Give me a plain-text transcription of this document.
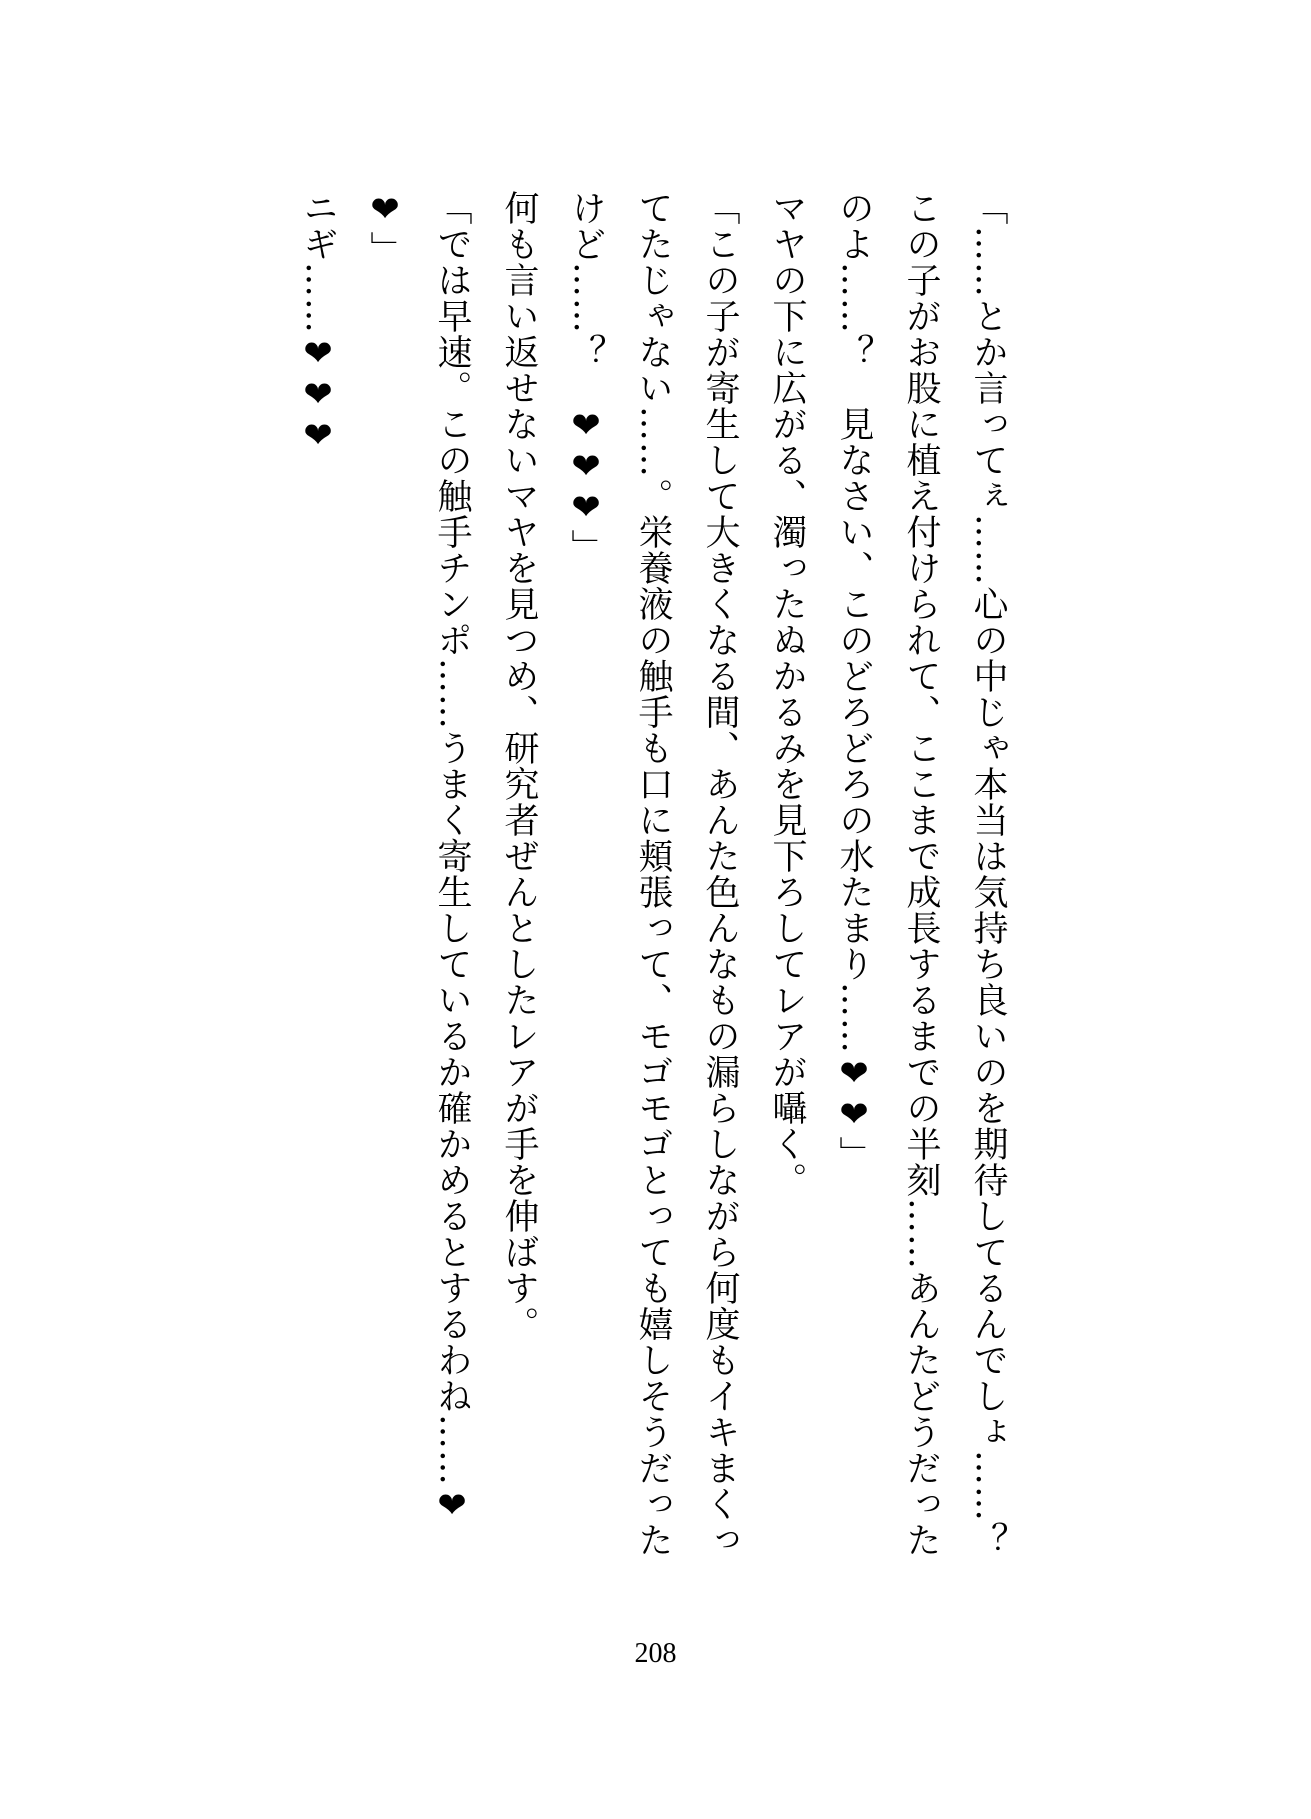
「……とか言ってぇ……心の中じゃ本当は気持ち良いのを期待してるんでしょ……？　この子がお股に植え付けられて、ここまで成長するまでの半刻……あんたどうだったのよ……？　見なさい、このどろどろの水たまり……❤❤」

マヤの下に広がる、濁ったぬかるみを見下ろしてレアが囁く。

「この子が寄生して大きくなる間、あんた色んなもの漏らしながら何度もイキまくってたじゃない……。栄養液の触手も口に頬張って、モゴモゴとっても嬉しそうだったけど……？　❤❤❤」

何も言い返せないマヤを見つめ、研究者ぜんとしたレアが手を伸ばす。

「では早速。この触手チンポ……うまく寄生しているか確かめるとするわね……❤❤」

ニギ……❤❤❤

208
